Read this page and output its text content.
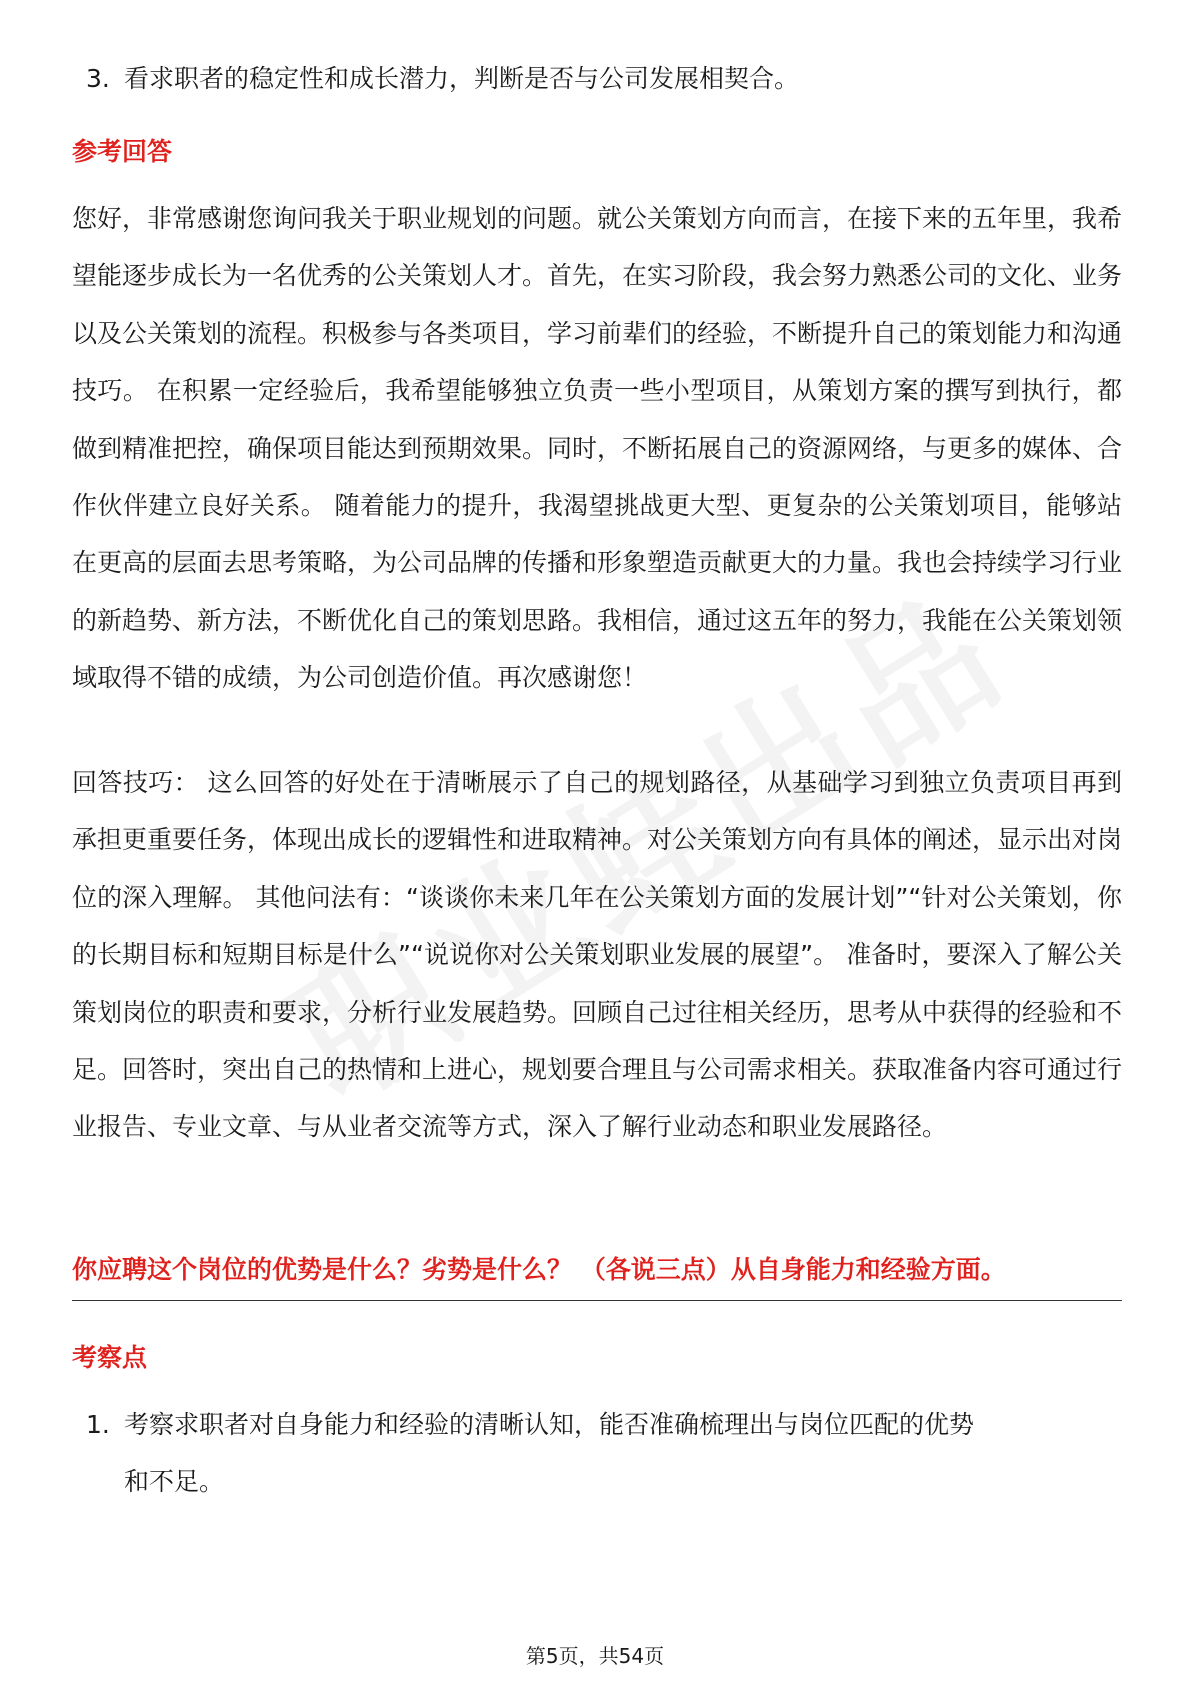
3. 看求职者的稳定性和成长潜力，判断是否与公司发展相契合。
参考回答
您好，非常感谢您询问我关于职业规划的问题。就公关策划方向而言，在接下来的五年里，我希望能逐步成长为一名优秀的公关策划人才。首先，在实习阶段，我会努力熟悉公司的文化、业务以及公关策划的流程。积极参与各类项目，学习前辈们的经验，不断提升自己的策划能力和沟通技巧。 在积累一定经验后，我希望能够独立负责一些小型项目，从策划方案的撰写到执行，都做到精准把控，确保项目能达到预期效果。同时，不断拓展自己的资源网络，与更多的媒体、合作伙伴建立良好关系。 随着能力的提升，我渴望挑战更大型、更复杂的公关策划项目，能够站在更高的层面去思考策略，为公司品牌的传播和形象塑造贡献更大的力量。我也会持续学习行业的新趋势、新方法，不断优化自己的策划思路。我相信，通过这五年的努力，我能在公关策划领域取得不错的成绩，为公司创造价值。再次感谢您！
回答技巧： 这么回答的好处在于清晰展示了自己的规划路径，从基础学习到独立负责项目再到承担更重要任务，体现出成长的逻辑性和进取精神。对公关策划方向有具体的阐述，显示出对岗位的深入理解。 其他问法有：“谈谈你未来几年在公关策划方面的发展计划”“针对公关策划，你的长期目标和短期目标是什么”“说说你对公关策划职业发展的展望”。 准备时，要深入了解公关策划岗位的职责和要求，分析行业发展趋势。回顾自己过往相关经历，思考从中获得的经验和不足。回答时，突出自己的热情和上进心，规划要合理且与公司需求相关。获取准备内容可通过行业报告、专业文章、与从业者交流等方式，深入了解行业动态和职业发展路径。
你应聘这个岗位的优势是什么？劣势是什么？ （各说三点）从自身能力和经验方面。
考察点
1. 考察求职者对自身能力和经验的清晰认知，能否准确梳理出与岗位匹配的优势
和不足。
第5页，共54页
